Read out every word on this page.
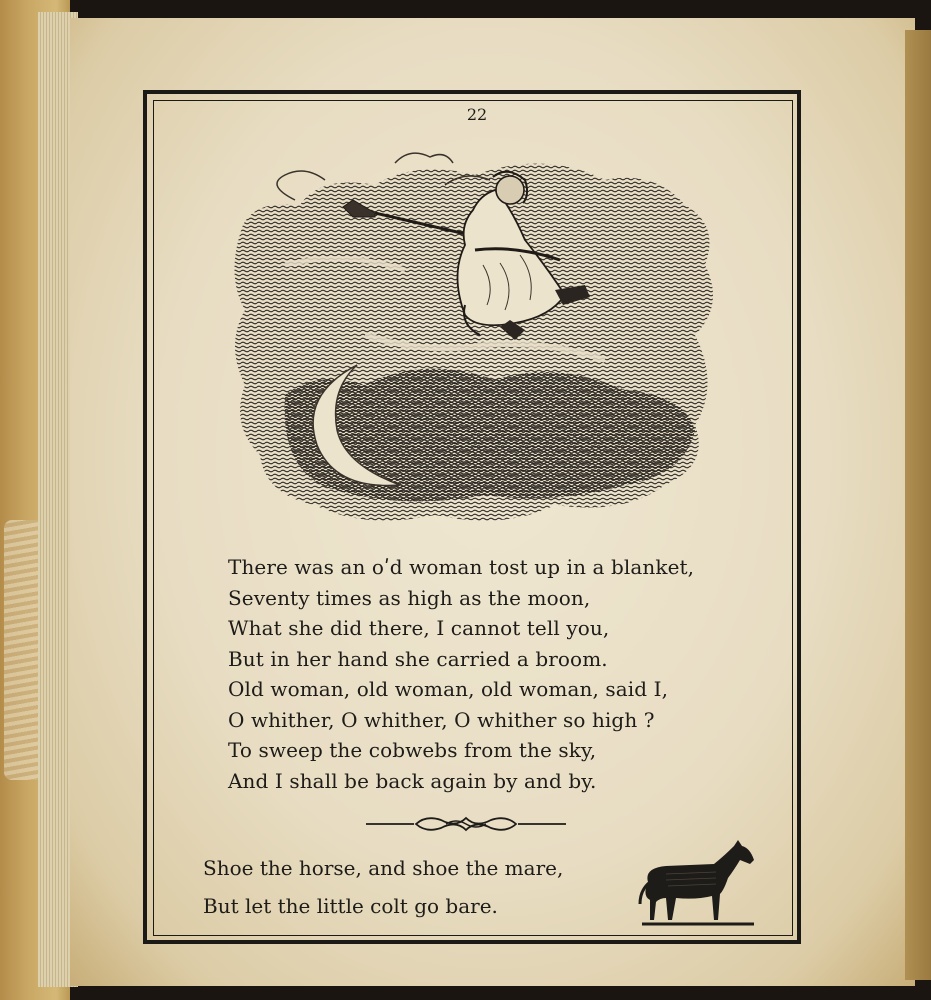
22
There was an oʹd woman tost up in a blanket,
Seventy times as high as the moon,
What she did there, I cannot tell you,
But in her hand she carried a broom.
Old woman, old woman, old woman, said I,
O whither, O whither, O whither so high ?
To sweep the cobwebs from the sky,
And I shall be back again by and by.
Shoe the horse, and shoe the mare,
But let the little colt go bare.
